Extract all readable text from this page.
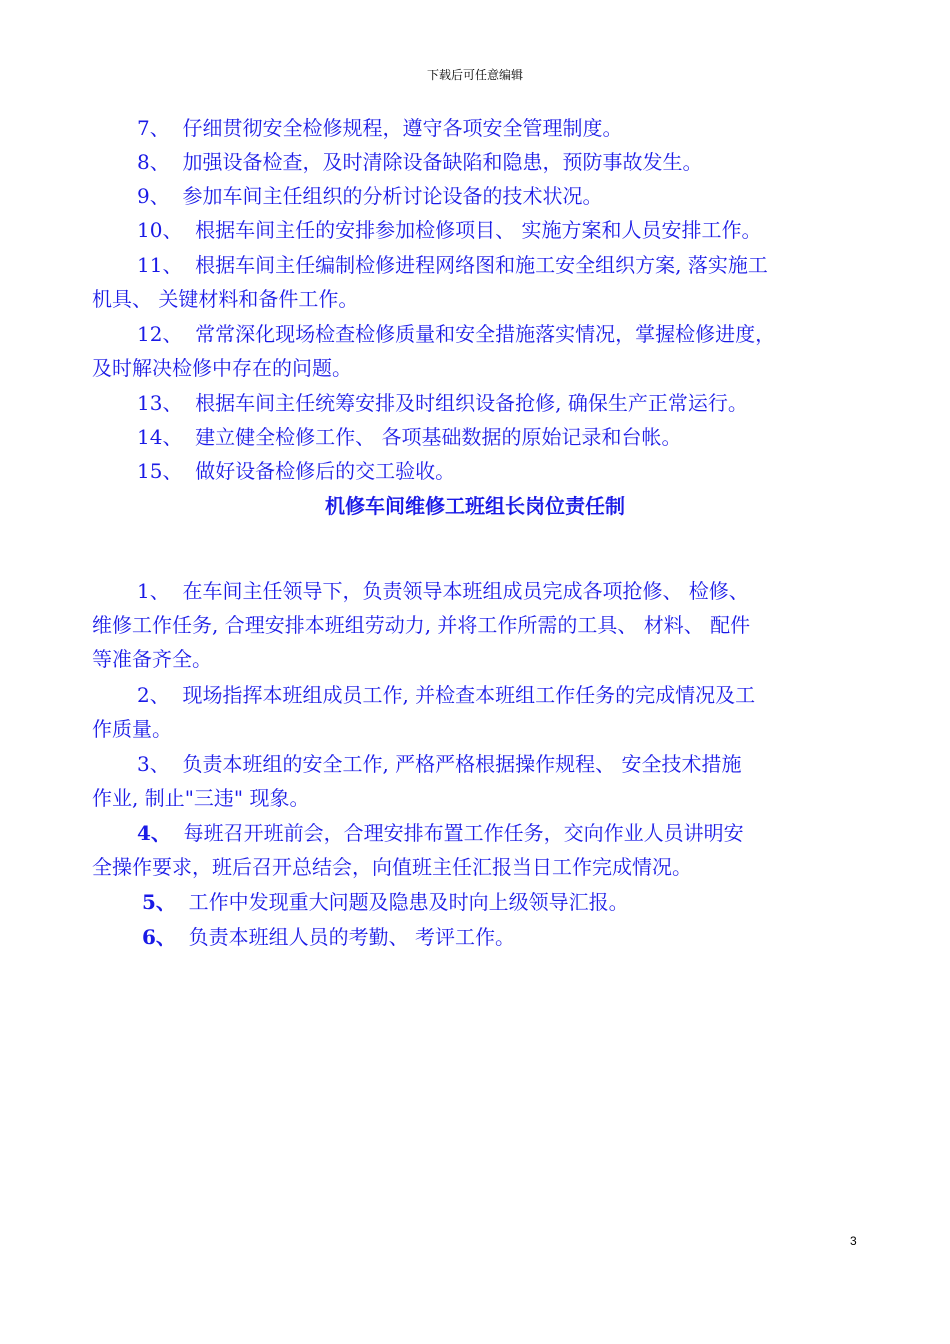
下载后可任意编辑
7、 仔细贯彻安全检修规程，遵守各项安全管理制度。
8、 加强设备检查，及时清除设备缺陷和隐患，预防事故发生。
9、 参加车间主任组织的分析讨论设备的技术状况。
10、 根据车间主任的安排参加检修项目、 实施方案和人员安排工作。
11、 根据车间主任编制检修进程网络图和施工安全组织方案, 落实施工
机具、 关键材料和备件工作。
12、 常常深化现场检查检修质量和安全措施落实情况，掌握检修进度，
及时解决检修中存在的问题。
13、 根据车间主任统筹安排及时组织设备抢修, 确保生产正常运行。
14、 建立健全检修工作、 各项基础数据的原始记录和台帐。
15、 做好设备检修后的交工验收。
机修车间维修工班组长岗位责任制
1、 在车间主任领导下，负责领导本班组成员完成各项抢修、 检修、
维修工作任务, 合理安排本班组劳动力, 并将工作所需的工具、 材料、 配件
等准备齐全。
2、 现场指挥本班组成员工作, 并检查本班组工作任务的完成情况及工
作质量。
3、 负责本班组的安全工作, 严格严格根据操作规程、 安全技术措施
作业, 制止"三违" 现象。
4、 每班召开班前会，合理安排布置工作任务，交向作业人员讲明安
全操作要求，班后召开总结会，向值班主任汇报当日工作完成情况。
5、 工作中发现重大问题及隐患及时向上级领导汇报。
6、 负责本班组人员的考勤、 考评工作。
3
